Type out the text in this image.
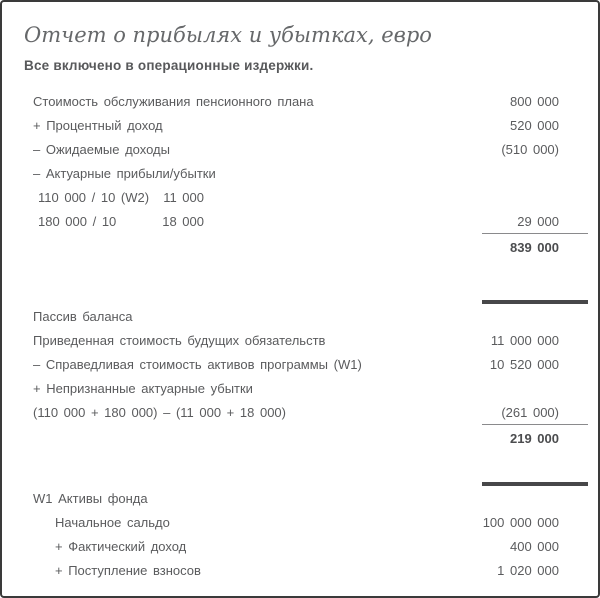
Отчет о прибылях и убытках, евро
Все включено в операционные издержки.
Стоимость обслуживания пенсионного плана	800 000
+ Процентный доход	520 000
– Ожидаемые доходы	(510 000)
– Актуарные прибыли/убытки
110 000 / 10 (W2) 11 000
180 000 / 10	18 000	29 000
839 000
Пассив баланса
Приведенная стоимость будущих обязательств	11 000 000
– Справедливая стоимость активов программы (W1)	10 520 000
+ Непризнанные актуарные убытки
(110 000 + 180 000) – (11 000 + 18 000)	(261 000)
219 000
W1 Активы фонда
Начальное сальдо	100 000 000
+ Фактический доход	400 000
+ Поступление взносов	1 020 000
